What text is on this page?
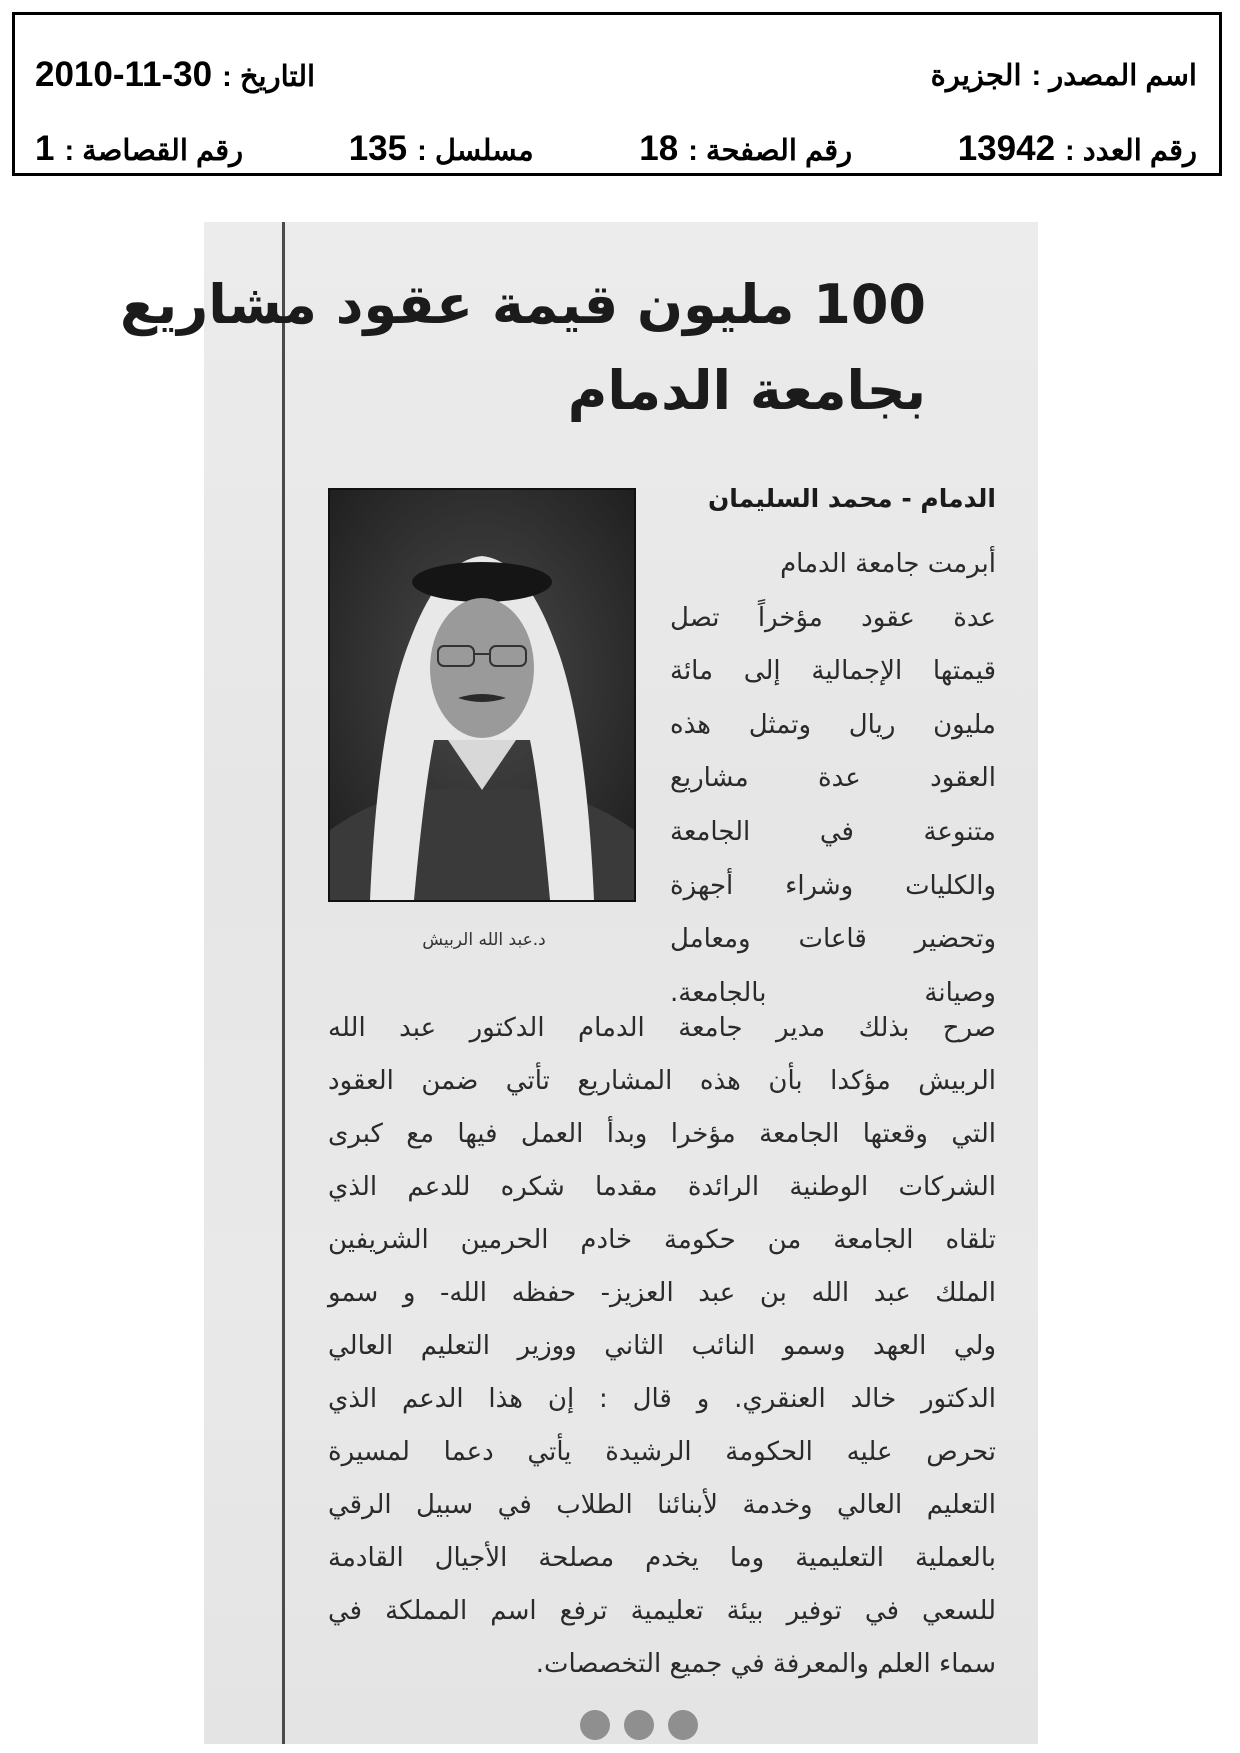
اسم المصدر :
الجزيرة
التاريخ :
2010-11-30
رقم العدد :
13942
رقم الصفحة :
18
مسلسل :
135
رقم القصاصة :
1
100 مليون قيمة عقود مشاريع
بجامعة الدمام
الدمام - محمد السليمان
د.عبد الله الربيش
أبرمت جامعة الدمام
عدة عقود مؤخراً تصل
قيمتها الإجمالية إلى مائة
مليون ريال وتمثل هذه
العقود عدة مشاريع
متنوعة في الجامعة
والكليات وشراء أجهزة
وتحضير قاعات ومعامل
وصيانة بالجامعة.
صرح بذلك مدير جامعة الدمام الدكتور عبد الله
الربيش مؤكدا بأن هذه المشاريع تأتي ضمن العقود
التي وقعتها الجامعة مؤخرا وبدأ العمل فيها مع كبرى
الشركات الوطنية الرائدة مقدما شكره للدعم الذي
تلقاه الجامعة من حكومة خادم الحرمين الشريفين
الملك عبد الله بن عبد العزيز- حفظه الله- و سمو
ولي العهد وسمو النائب الثاني ووزير التعليم العالي
الدكتور خالد العنقري. و قال : إن هذا الدعم الذي
تحرص عليه الحكومة الرشيدة يأتي دعما لمسيرة
التعليم العالي وخدمة لأبنائنا الطلاب في سبيل الرقي
بالعملية التعليمية وما يخدم مصلحة الأجيال القادمة
للسعي في توفير بيئة تعليمية ترفع اسم المملكة في
سماء العلم والمعرفة في جميع التخصصات.
